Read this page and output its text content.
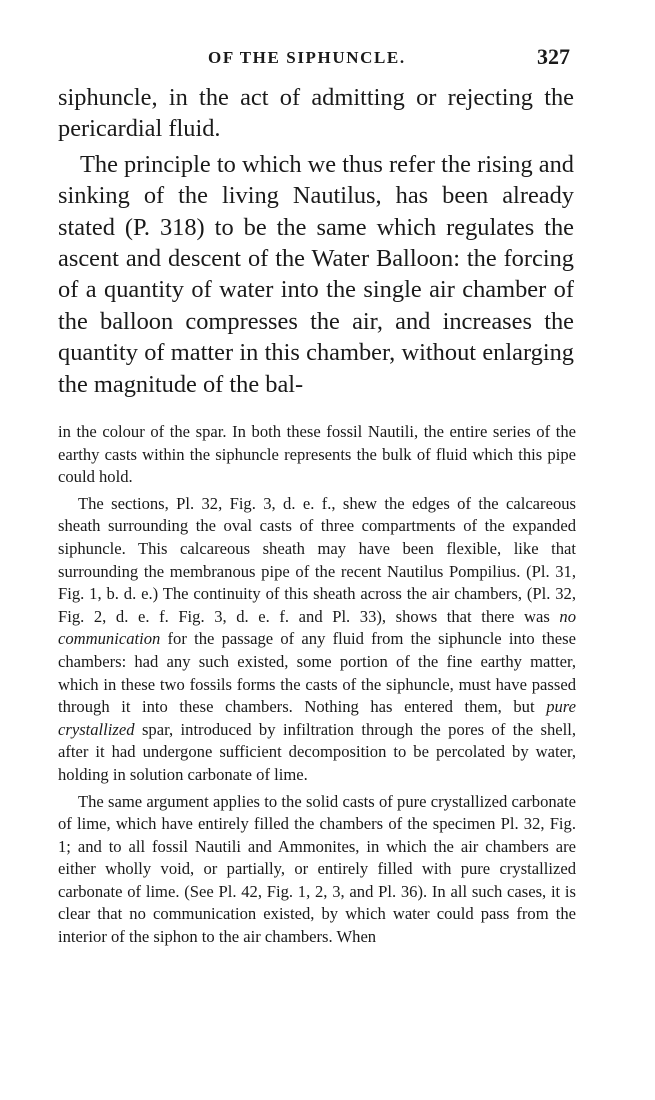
OF THE SIPHUNCLE.	327

siphuncle, in the act of admitting or rejecting the pericardial fluid.

The principle to which we thus refer the rising and sinking of the living Nautilus, has been already stated (P. 318) to be the same which regulates the ascent and descent of the Water Balloon: the forcing of a quantity of water into the single air chamber of the balloon compresses the air, and increases the quantity of matter in this chamber, without enlarging the magnitude of the bal-

in the colour of the spar. In both these fossil Nautili, the entire series of the earthy casts within the siphuncle represents the bulk of fluid which this pipe could hold.

The sections, Pl. 32, Fig. 3, d. e. f., shew the edges of the calcareous sheath surrounding the oval casts of three compartments of the expanded siphuncle. This calcareous sheath may have been flexible, like that surrounding the membranous pipe of the recent Nautilus Pompilius. (Pl. 31, Fig. 1, b. d. e.) The continuity of this sheath across the air chambers, (Pl. 32, Fig. 2, d. e. f. Fig. 3, d. e. f. and Pl. 33), shows that there was no communication for the passage of any fluid from the siphuncle into these chambers: had any such existed, some portion of the fine earthy matter, which in these two fossils forms the casts of the siphuncle, must have passed through it into these chambers. Nothing has entered them, but pure crystallized spar, introduced by infiltration through the pores of the shell, after it had undergone sufficient decomposition to be percolated by water, holding in solution carbonate of lime.

The same argument applies to the solid casts of pure crystallized carbonate of lime, which have entirely filled the chambers of the specimen Pl. 32, Fig. 1; and to all fossil Nautili and Ammonites, in which the air chambers are either wholly void, or partially, or entirely filled with pure crystallized carbonate of lime. (See Pl. 42, Fig. 1, 2, 3, and Pl. 36). In all such cases, it is clear that no communication existed, by which water could pass from the interior of the siphon to the air chambers. When
